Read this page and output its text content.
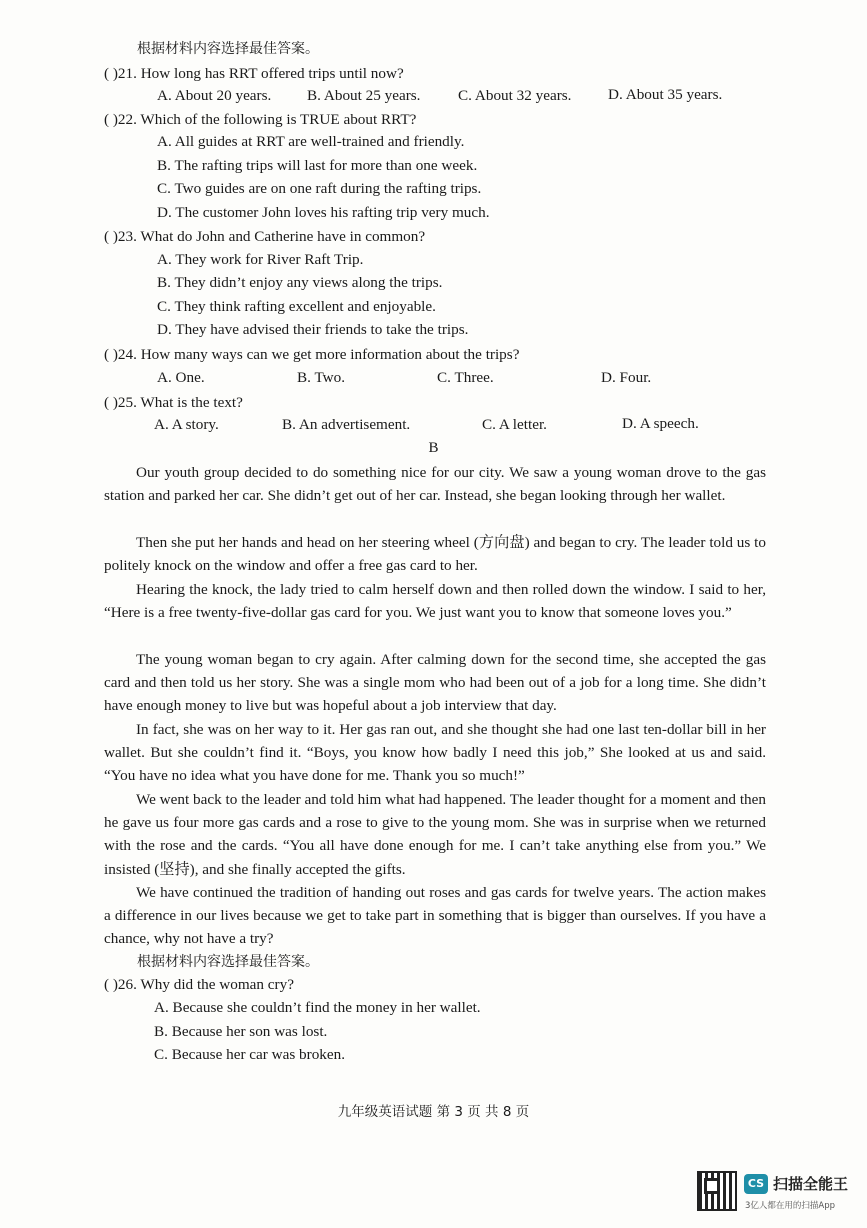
根据材料内容选择最佳答案。
( )21. How long has RRT offered trips until now?
A. About 20 years. B. About 25 years. C. About 32 years. D. About 35 years.
( )22. Which of the following is TRUE about RRT?
A. All guides at RRT are well-trained and friendly.
B. The rafting trips will last for more than one week.
C. Two guides are on one raft during the rafting trips.
D. The customer John loves his rafting trip very much.
( )23. What do John and Catherine have in common?
A. They work for River Raft Trip.
B. They didn’t enjoy any views along the trips.
C. They think rafting excellent and enjoyable.
D. They have advised their friends to take the trips.
( )24. How many ways can we get more information about the trips?
A. One.	B. Two.	C. Three.	D. Four.
( )25. What is the text?
A. A story.	B. An advertisement.	C. A letter.	D. A speech.
B
Our youth group decided to do something nice for our city. We saw a young woman drove to the gas station and parked her car. She didn’t get out of her car. Instead, she began looking through her wallet.
Then she put her hands and head on her steering wheel (方向盘) and began to cry. The leader told us to politely knock on the window and offer a free gas card to her.
Hearing the knock, the lady tried to calm herself down and then rolled down the window. I said to her, “Here is a free twenty-five-dollar gas card for you. We just want you to know that someone loves you.”
The young woman began to cry again. After calming down for the second time, she accepted the gas card and then told us her story. She was a single mom who had been out of a job for a long time. She didn’t have enough money to live but was hopeful about a job interview that day.
In fact, she was on her way to it. Her gas ran out, and she thought she had one last ten-dollar bill in her wallet. But she couldn’t find it. “Boys, you know how badly I need this job,” She looked at us and said. “You have no idea what you have done for me. Thank you so much!”
We went back to the leader and told him what had happened. The leader thought for a moment and then he gave us four more gas cards and a rose to give to the young mom. She was in surprise when we returned with the rose and the cards. “You all have done enough for me. I can’t take anything else from you.” We insisted (坚持), and she finally accepted the gifts.
We have continued the tradition of handing out roses and gas cards for twelve years. The action makes a difference in our lives because we get to take part in something that is bigger than ourselves. If you have a chance, why not have a try?
根据材料内容选择最佳答案。
( )26. Why did the woman cry?
A. Because she couldn’t find the money in her wallet.
B. Because her son was lost.
C. Because her car was broken.
九年级英语试题 第 3 页 共 8 页
CS 扫描全能王
3亿人都在用的扫描App
